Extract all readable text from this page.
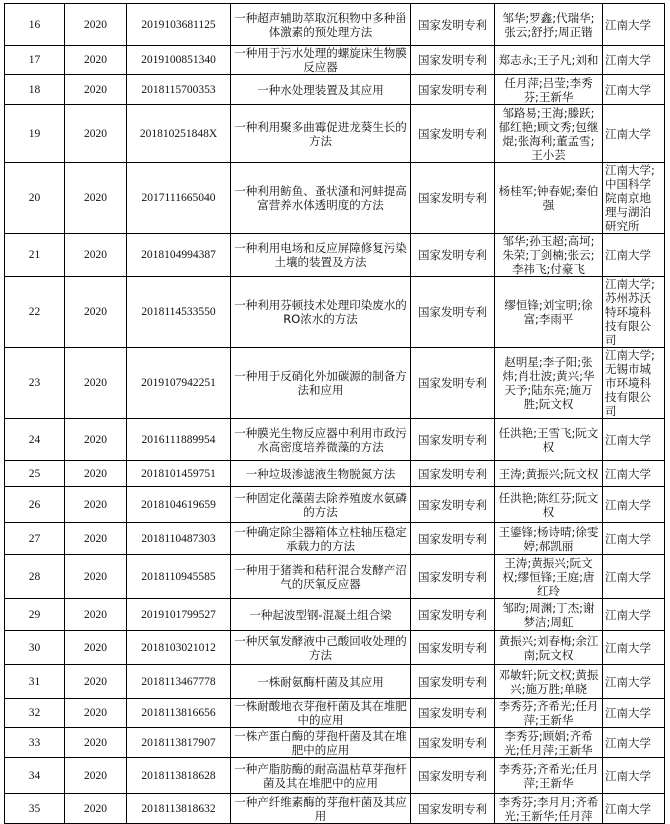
16	2020	2019103681125	一种超声辅助萃取沉积物中多种甾体激素的预处理方法	国家发明专利	邹华;罗鑫;代瑞华;张云;舒抒;周正锴	江南大学

17	2020	2019100851340	一种用于污水处理的螺旋床生物膜反应器	国家发明专利	郑志永;王子凡;刘和	江南大学

18	2020	2018115700353	一种水处理装置及其应用	国家发明专利	任月萍;吕莹;李秀芬;王新华	江南大学

19	2020	201810251848X	一种利用聚多曲霉促进龙葵生长的方法	国家发明专利	邹路易;王海;滕跃;郁红艳;顾文秀;包继焜;张海利;董孟雪;王小芸	江南大学

20	2020	2017111665040	一种利用鲂鱼、蚤状溞和河蚌提高富营养水体透明度的方法	国家发明专利	杨桂军;钟春妮;秦伯强	江南大学;中国科学院南京地理与湖泊研究所

21	2020	2018104994387	一种利用电场和反应屏障修复污染土壤的装置及方法	国家发明专利	邹华;孙玉超;高坷;朱荣;丁剑楠;张云;李祎飞;付豪飞	江南大学

22	2020	2018114533550	一种利用芬顿技术处理印染废水的RO浓水的方法	国家发明专利	缪恒锋;刘宝明;徐富;李雨平	江南大学;苏州苏沃特环境科技有限公司

23	2020	2019107942251	一种用于反硝化外加碳源的制备方法和应用	国家发明专利	赵明星;李子阳;张炜;肖壮波;黄兴;华天予;陆东亮;施万胜;阮文权	江南大学;无锡市城市环境科技有限公司

24	2020	2016111889954	一种膜光生物反应器中利用市政污水高密度培养微藻的方法	国家发明专利	任洪艳;王雪飞;阮文权	江南大学

25	2020	2018101459751	一种垃圾渗滤液生物脱氮方法	国家发明专利	王涛;黄振兴;阮文权	江南大学

26	2020	2018104619659	一种固定化藻菌去除养殖废水氨磷的方法	国家发明专利	任洪艳;陈红芬;阮文权	江南大学

27	2020	2018110487303	一种确定除尘器箱体立柱轴压稳定承载力的方法	国家发明专利	王鎏锋;杨诗晴;徐雯婷;郝凯丽	江南大学

28	2020	2018110945585	一种用于猪粪和秸秆混合发酵产沼气的厌氧反应器	国家发明专利	王涛;黄振兴;阮文权;缪恒锋;王庭;唐红玲	江南大学

29	2020	2019101799527	一种起波型钢-混凝土组合梁	国家发明专利	邹昀;周渊;丁杰;谢梦洁;周虹	江南大学

30	2020	2018103021012	一种厌氧发酵液中己酸回收处理的方法	国家发明专利	黄振兴;刘春梅;余江南;阮文权	江南大学

31	2020	2018113467778	一株耐氨酶杆菌及其应用	国家发明专利	邓敏轩;阮文权;黄振兴;施万胜;单晓	江南大学

32	2020	2018113816656	一株耐酸地衣芽孢杆菌及其在堆肥中的应用	国家发明专利	李秀芬;齐希光;任月萍;王新华	江南大学

33	2020	2018113817907	一株产蛋白酶的芽孢杆菌及其在堆肥中的应用	国家发明专利	李秀芬;顾娟;齐希光;任月萍;王新华	江南大学

34	2020	2018113818628	一种产脂肪酶的耐高温枯草芽孢杆菌及其在堆肥中的应用	国家发明专利	李秀芬;齐希光;任月萍;王新华	江南大学

35	2020	2018113818632	一种产纤维素酶的芽孢杆菌及其应用	国家发明专利	李秀芬;李月月;齐希光;王新华;任月萍	江南大学
